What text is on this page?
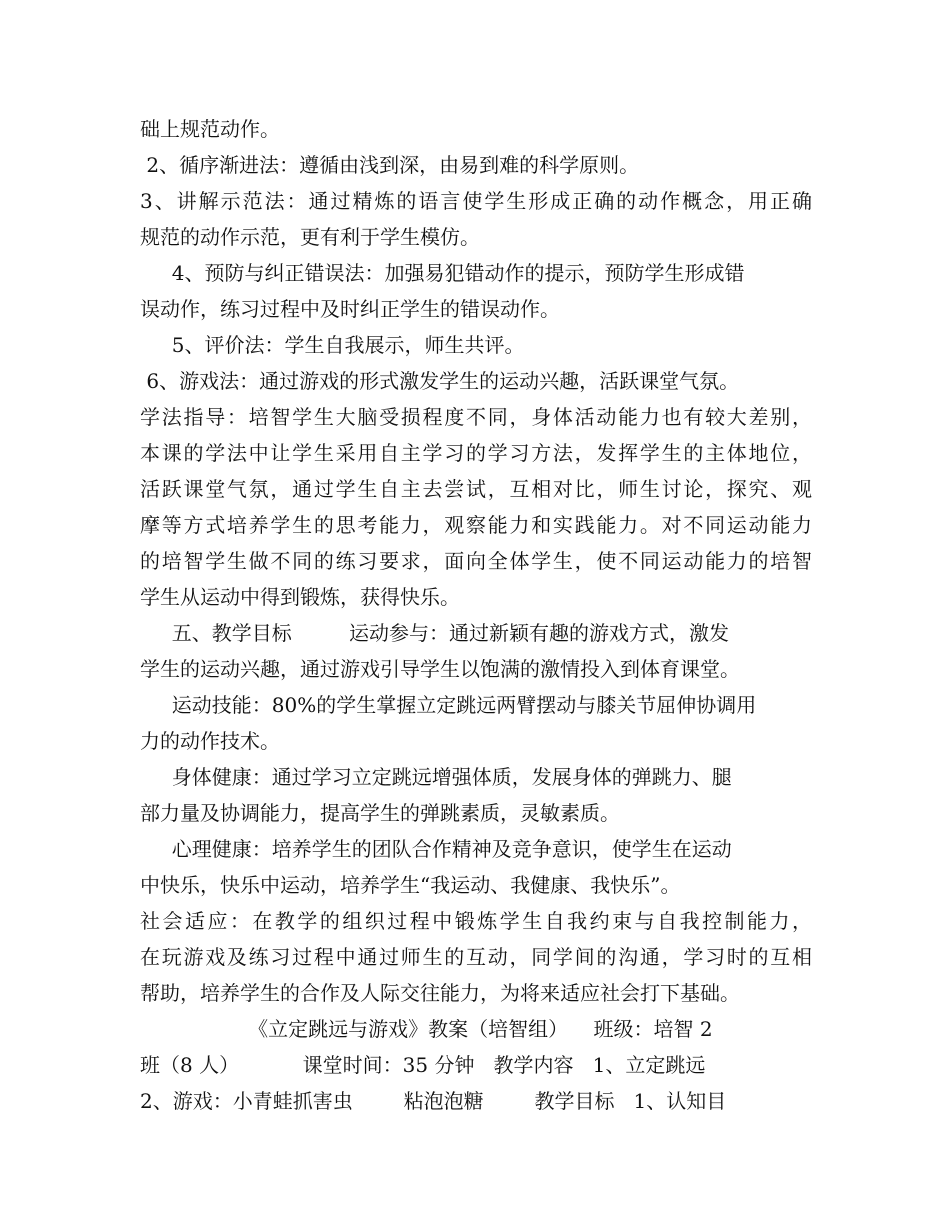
础上规范动作。
2、循序渐进法：遵循由浅到深，由易到难的科学原则。
3、讲解示范法：通过精炼的语言使学生形成正确的动作概念，用正确
规范的动作示范，更有利于学生模仿。
4、预防与纠正错误法：加强易犯错动作的提示，预防学生形成错
误动作，练习过程中及时纠正学生的错误动作。
5、评价法：学生自我展示，师生共评。
6、游戏法：通过游戏的形式激发学生的运动兴趣，活跃课堂气氛。
学法指导：培智学生大脑受损程度不同，身体活动能力也有较大差别，
本课的学法中让学生采用自主学习的学习方法，发挥学生的主体地位，
活跃课堂气氛，通过学生自主去尝试，互相对比，师生讨论，探究、观
摩等方式培养学生的思考能力，观察能力和实践能力。对不同运动能力
的培智学生做不同的练习要求，面向全体学生，使不同运动能力的培智
学生从运动中得到锻炼，获得快乐。
五、教学目标         运动参与：通过新颖有趣的游戏方式，激发
学生的运动兴趣，通过游戏引导学生以饱满的激情投入到体育课堂。
运动技能：80%的学生掌握立定跳远两臂摆动与膝关节屈伸协调用
力的动作技术。
身体健康：通过学习立定跳远增强体质，发展身体的弹跳力、腿
部力量及协调能力，提高学生的弹跳素质，灵敏素质。
心理健康：培养学生的团队合作精神及竞争意识，使学生在运动
中快乐，快乐中运动，培养学生“我运动、我健康、我快乐”。
社会适应：在教学的组织过程中锻炼学生自我约束与自我控制能力，
在玩游戏及练习过程中通过师生的互动，同学间的沟通，学习时的互相
帮助，培养学生的合作及人际交往能力，为将来适应社会打下基础。
《立定跳远与游戏》教案（培智组）    班级：培智 2
班（8 人）          课堂时间：35 分钟   教学内容   1、立定跳远
2、游戏：小青蛙抓害虫        粘泡泡糖        教学目标   1、认知目
